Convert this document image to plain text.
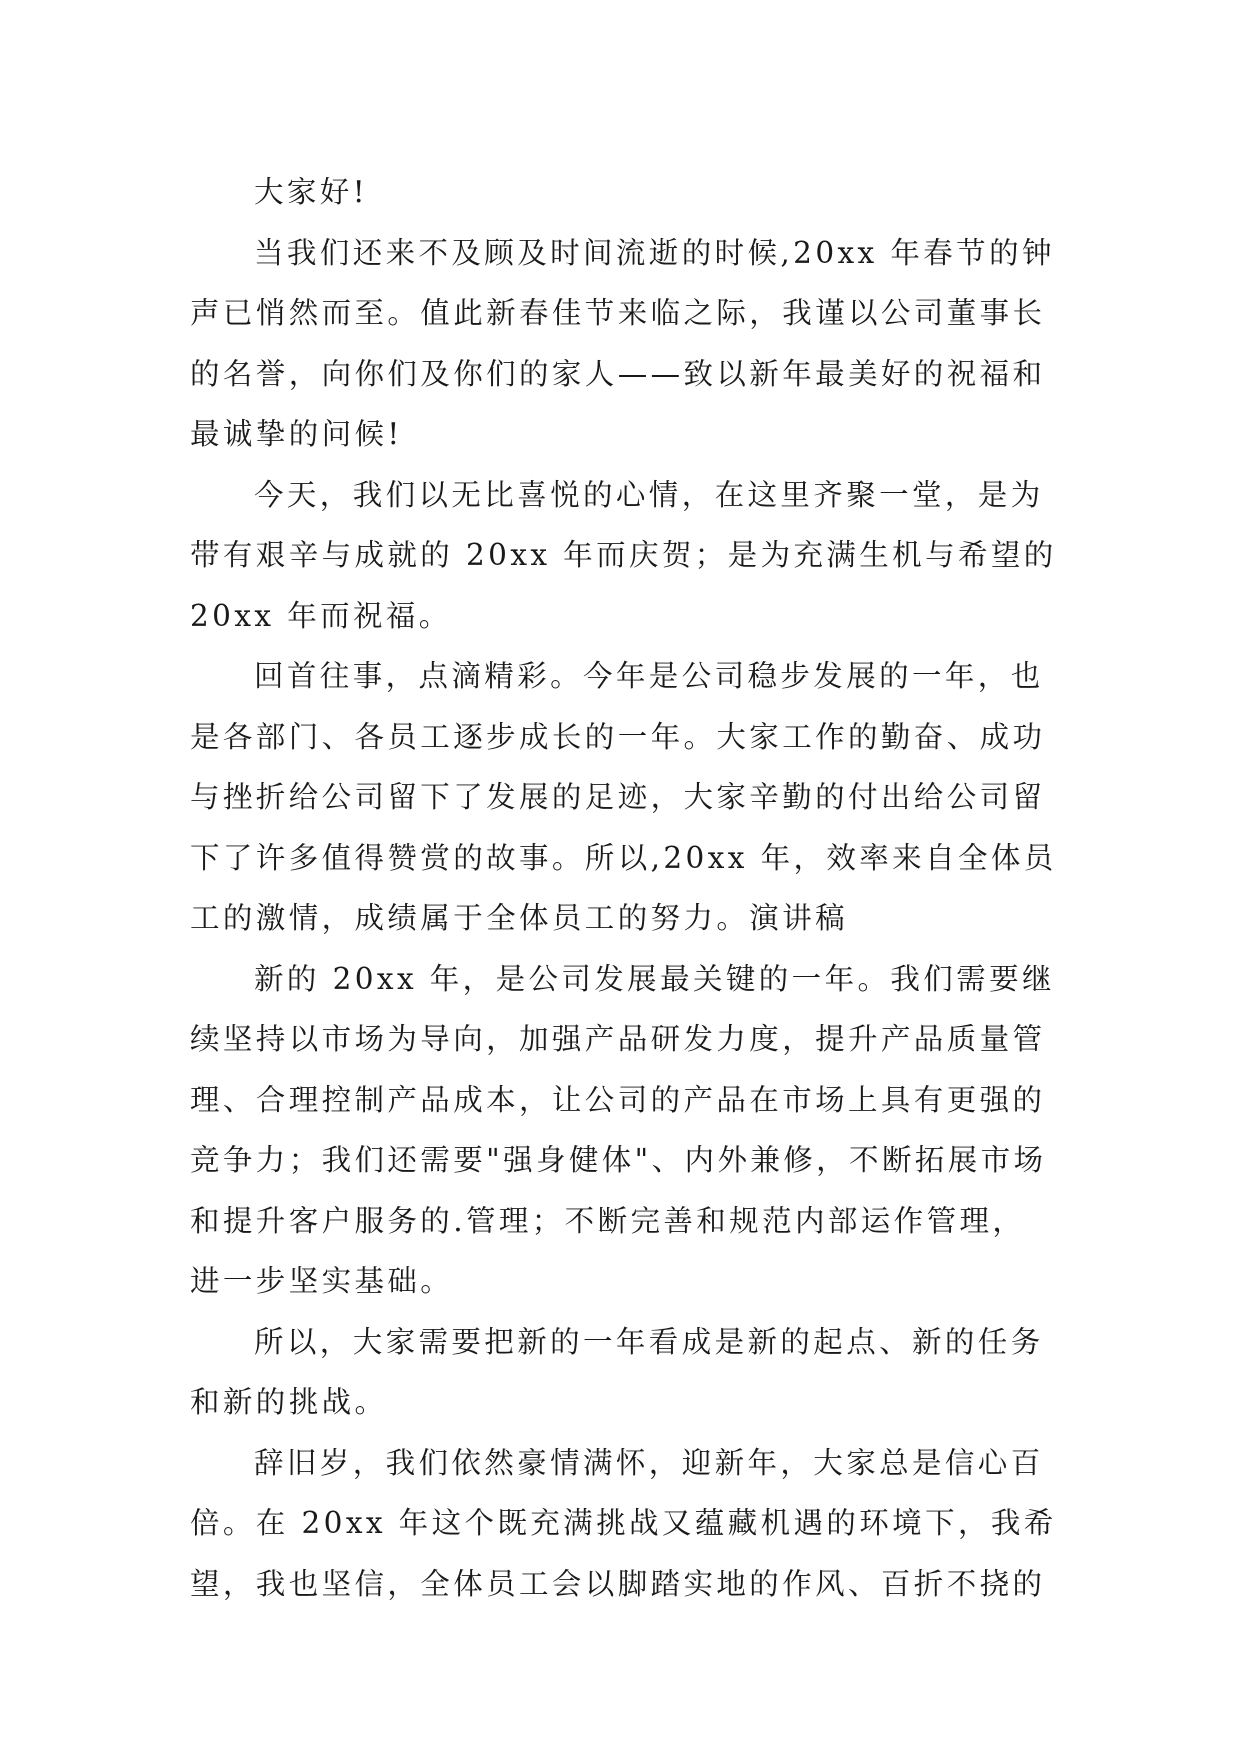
大家好!
当我们还来不及顾及时间流逝的时候,20xx 年春节的钟
声已悄然而至。值此新春佳节来临之际，我谨以公司董事长
的名誉，向你们及你们的家人——致以新年最美好的祝福和
最诚挚的问候!
今天，我们以无比喜悦的心情，在这里齐聚一堂，是为
带有艰辛与成就的 20xx 年而庆贺；是为充满生机与希望的
20xx 年而祝福。
回首往事，点滴精彩。今年是公司稳步发展的一年，也
是各部门、各员工逐步成长的一年。大家工作的勤奋、成功
与挫折给公司留下了发展的足迹，大家辛勤的付出给公司留
下了许多值得赞赏的故事。所以,20xx 年，效率来自全体员
工的激情，成绩属于全体员工的努力。演讲稿
新的 20xx 年，是公司发展最关键的一年。我们需要继
续坚持以市场为导向，加强产品研发力度，提升产品质量管
理、合理控制产品成本，让公司的产品在市场上具有更强的
竞争力；我们还需要"强身健体"、内外兼修，不断拓展市场
和提升客户服务的.管理；不断完善和规范内部运作管理，
进一步坚实基础。
所以，大家需要把新的一年看成是新的起点、新的任务
和新的挑战。
辞旧岁，我们依然豪情满怀，迎新年，大家总是信心百
倍。在 20xx 年这个既充满挑战又蕴藏机遇的环境下，我希
望，我也坚信，全体员工会以脚踏实地的作风、百折不挠的
